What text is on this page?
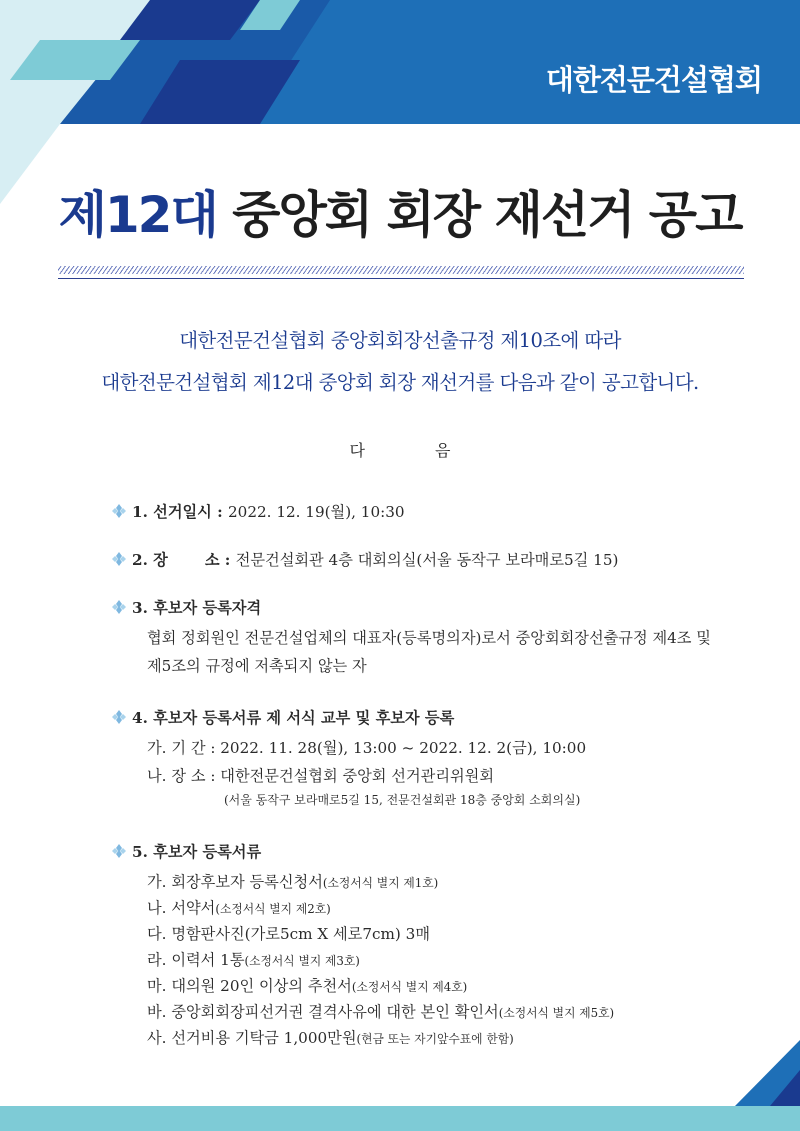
대한전문건설협회
제12대 중앙회 회장 재선거 공고
대한전문건설협회 중앙회회장선출규정 제10조에 따라
대한전문건설협회 제12대 중앙회 회장 재선거를 다음과 같이 공고합니다.
다	음
1. 선거일시 : 2022. 12. 19(월), 10:30
2. 장       소 : 전문건설회관 4층 대회의실(서울 동작구 보라매로5길 15)
3. 후보자 등록자격
협회 정회원인 전문건설업체의 대표자(등록명의자)로서 중앙회회장선출규정 제4조 및
제5조의 규정에 저촉되지 않는 자
4. 후보자 등록서류 제 서식 교부 및 후보자 등록
가. 기 간 : 2022. 11. 28(월), 13:00 ~ 2022. 12. 2(금), 10:00
나. 장 소 : 대한전문건설협회 중앙회 선거관리위원회
(서울 동작구 보라매로5길 15, 전문건설회관 18층 중앙회 소회의실)
5. 후보자 등록서류
가. 회장후보자 등록신청서(소정서식 별지 제1호)
나. 서약서(소정서식 별지 제2호)
다. 명함판사진(가로5cm X 세로7cm) 3매
라. 이력서 1통(소정서식 별지 제3호)
마. 대의원 20인 이상의 추천서(소정서식 별지 제4호)
바. 중앙회회장피선거권 결격사유에 대한 본인 확인서(소정서식 별지 제5호)
사. 선거비용 기탁금 1,000만원(현금 또는 자기앞수표에 한함)
